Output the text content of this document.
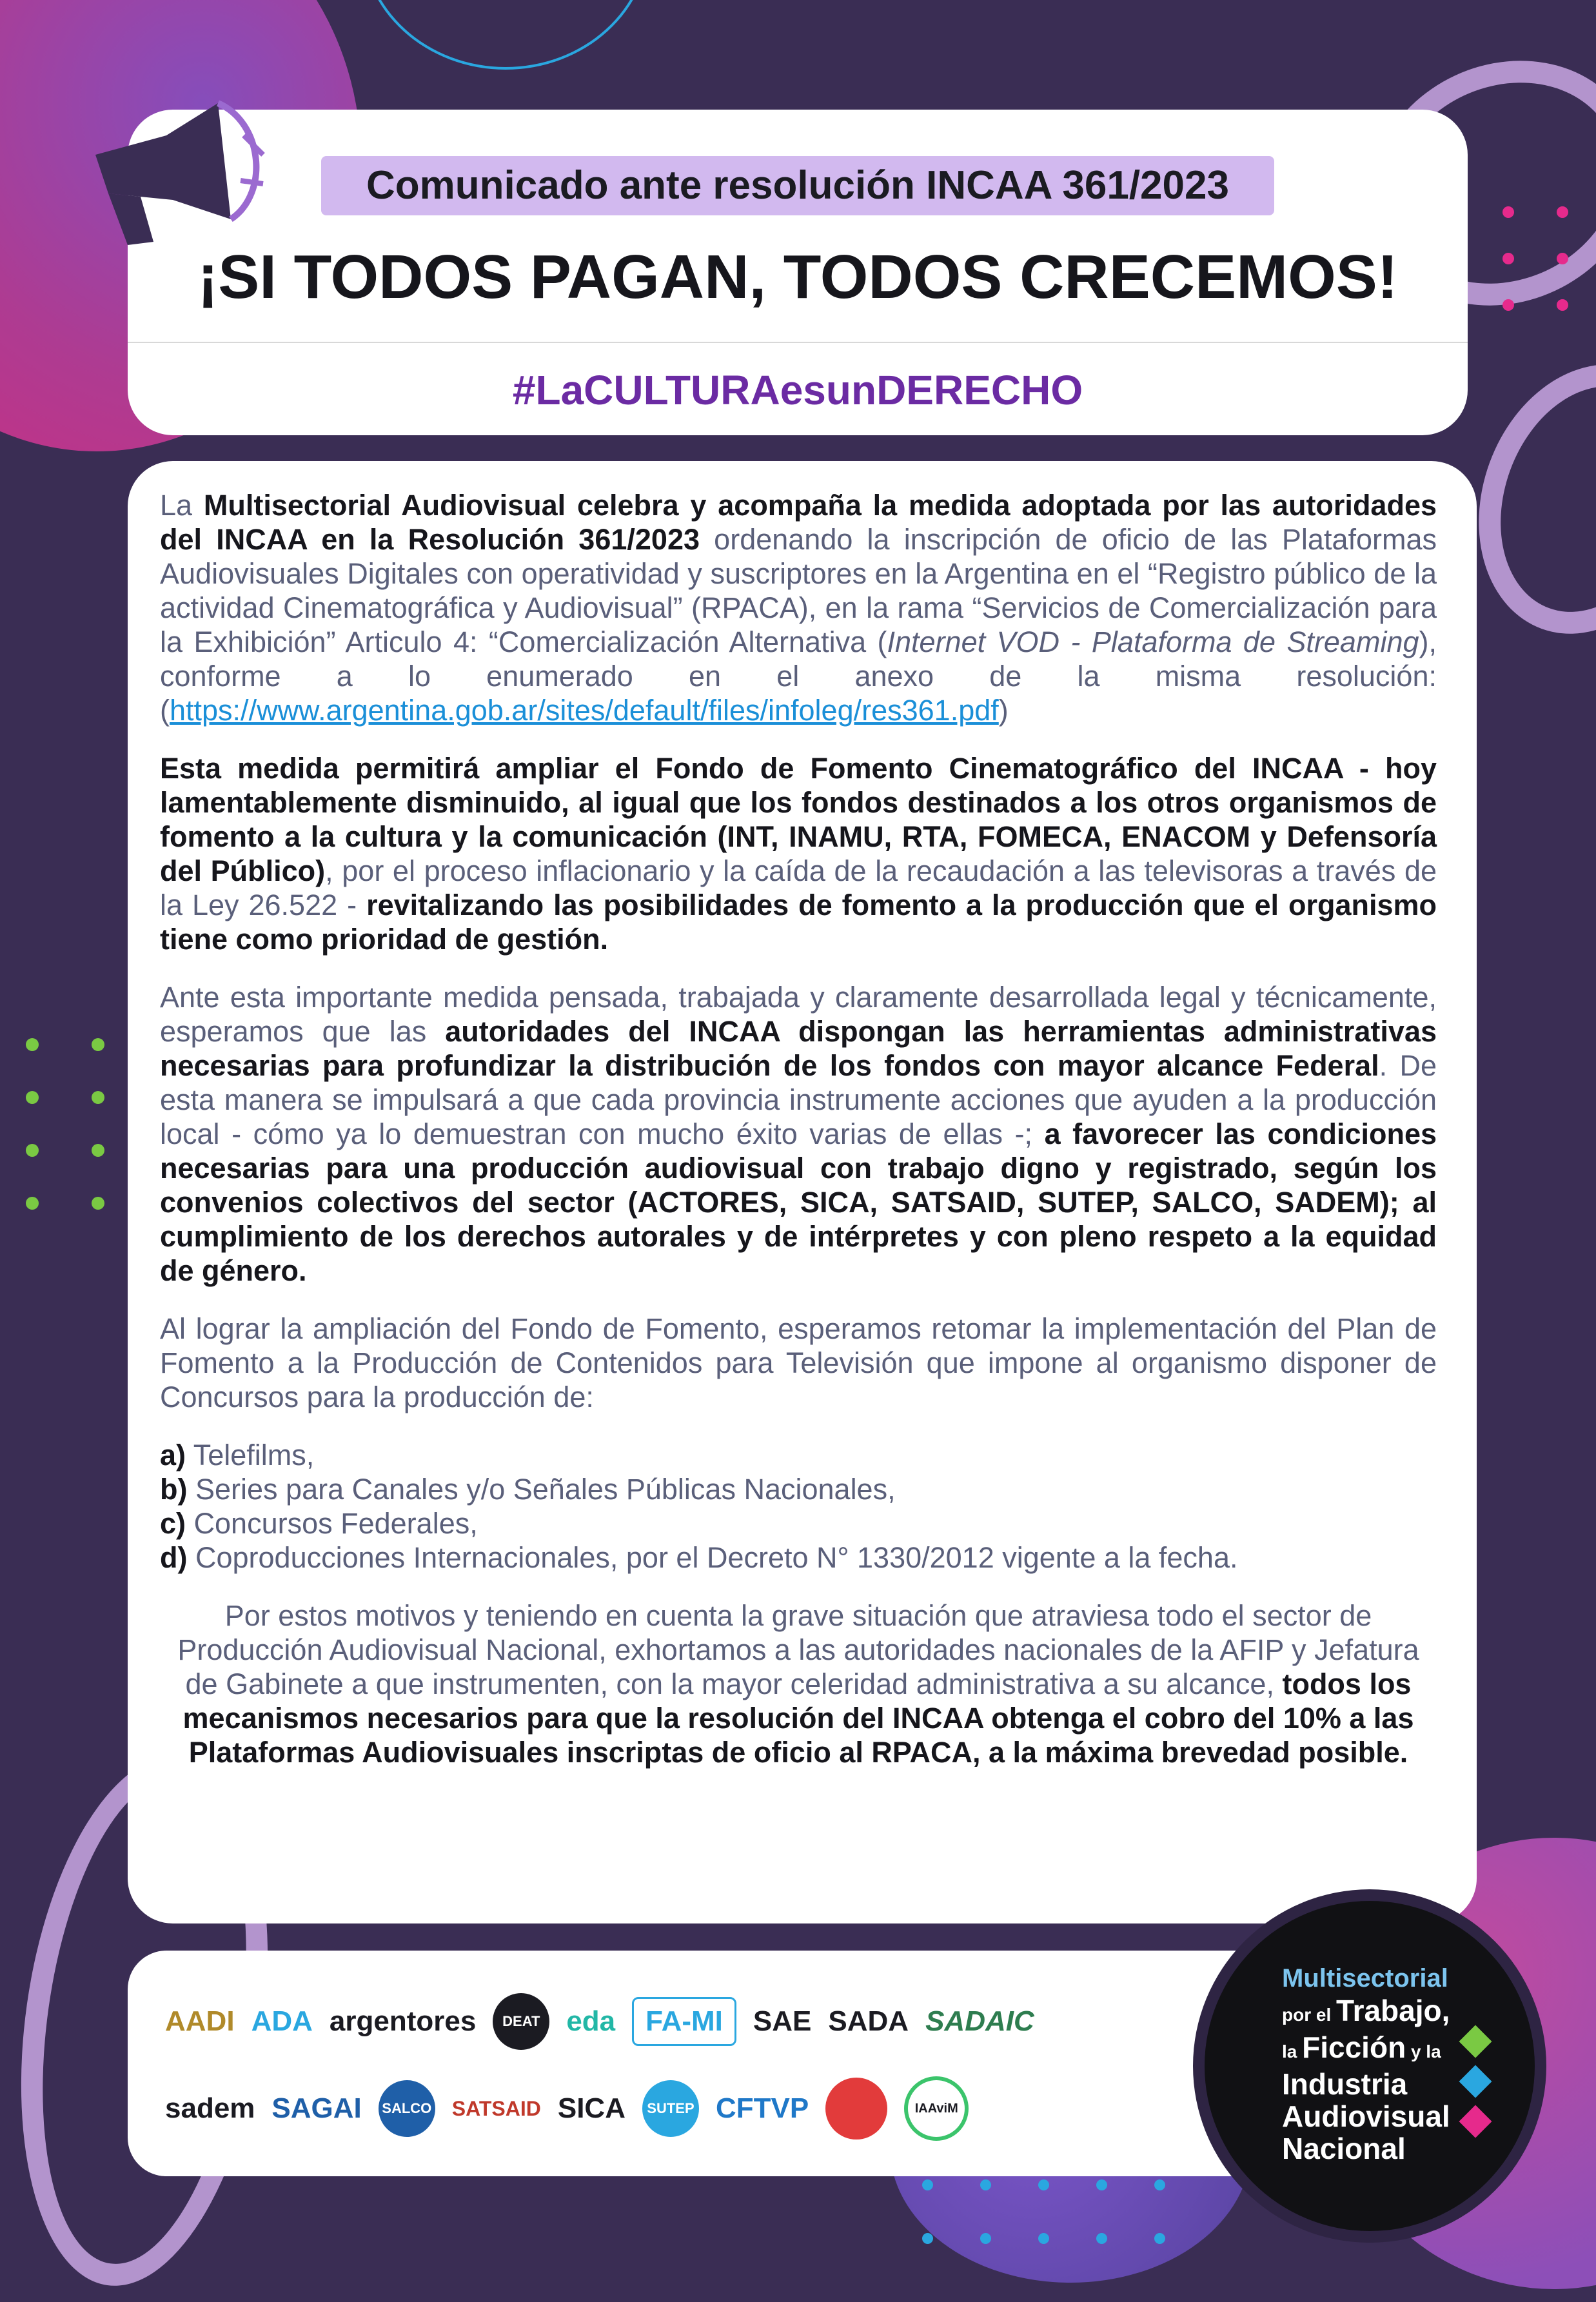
Comunicado ante resolución INCAA 361/2023
¡SI TODOS PAGAN, TODOS CRECEMOS!
#LaCULTURAesunDERECHO

La Multisectorial Audiovisual celebra y acompaña la medida adoptada por las autoridades del INCAA en la Resolución 361/2023 ordenando la inscripción de oficio de las Plataformas Audiovisuales Digitales con operatividad y suscriptores en la Argentina en el “Registro público de la actividad Cinematográfica y Audiovisual” (RPACA), en la rama “Servicios de Comercialización para la Exhibición” Articulo 4: “Comercialización Alternativa (Internet VOD - Plataforma de Streaming), conforme a lo enumerado en el anexo de la misma resolución: (https://www.argentina.gob.ar/sites/default/files/infoleg/res361.pdf)

Esta medida permitirá ampliar el Fondo de Fomento Cinematográfico del INCAA - hoy lamentablemente disminuido, al igual que los fondos destinados a los otros organismos de fomento a la cultura y la comunicación (INT, INAMU, RTA, FOMECA, ENACOM y Defensoría del Público), por el proceso inflacionario y la caída de la recaudación a las televisoras a través de la Ley 26.522 - revitalizando las posibilidades de fomento a la producción que el organismo tiene como prioridad de gestión.

Ante esta importante medida pensada, trabajada y claramente desarrollada legal y técnicamente, esperamos que las autoridades del INCAA dispongan las herramientas administrativas necesarias para profundizar la distribución de los fondos con mayor alcance Federal. De esta manera se impulsará a que cada provincia instrumente acciones que ayuden a la producción local - cómo ya lo demuestran con mucho éxito varias de ellas -; a favorecer las condiciones necesarias para una producción audiovisual con trabajo digno y registrado, según los convenios colectivos del sector (ACTORES, SICA, SATSAID, SUTEP, SALCO, SADEM); al cumplimiento de los derechos autorales y de intérpretes y con pleno respeto a la equidad de género.

Al lograr la ampliación del Fondo de Fomento, esperamos retomar la implementación del Plan de Fomento a la Producción de Contenidos para Televisión que impone al organismo disponer de Concursos para la producción de:

a) Telefilms,
b) Series para Canales y/o Señales Públicas Nacionales,
c) Concursos Federales,
d) Coproducciones Internacionales, por el Decreto N° 1330/2012 vigente a la fecha.

Por estos motivos y teniendo en cuenta la grave situación que atraviesa todo el sector de Producción Audiovisual Nacional, exhortamos a las autoridades nacionales de la AFIP y Jefatura de Gabinete a que instrumenten, con la mayor celeridad administrativa a su alcance, todos los mecanismos necesarios para que la resolución del INCAA obtenga el cobro del 10% a las Plataformas Audiovisuales inscriptas de oficio al RPACA, a la máxima brevedad posible.

AADI ADA argentores	DEAT eda	FA-MI	SAE SADA SADAIC
sadem SAGAI SALCO SATSAID SICA	SUTEP CFTVP	IAAviM
Multisectorial
por el Trabajo,
la Ficción y la
Industria
Audiovisual
Nacional
